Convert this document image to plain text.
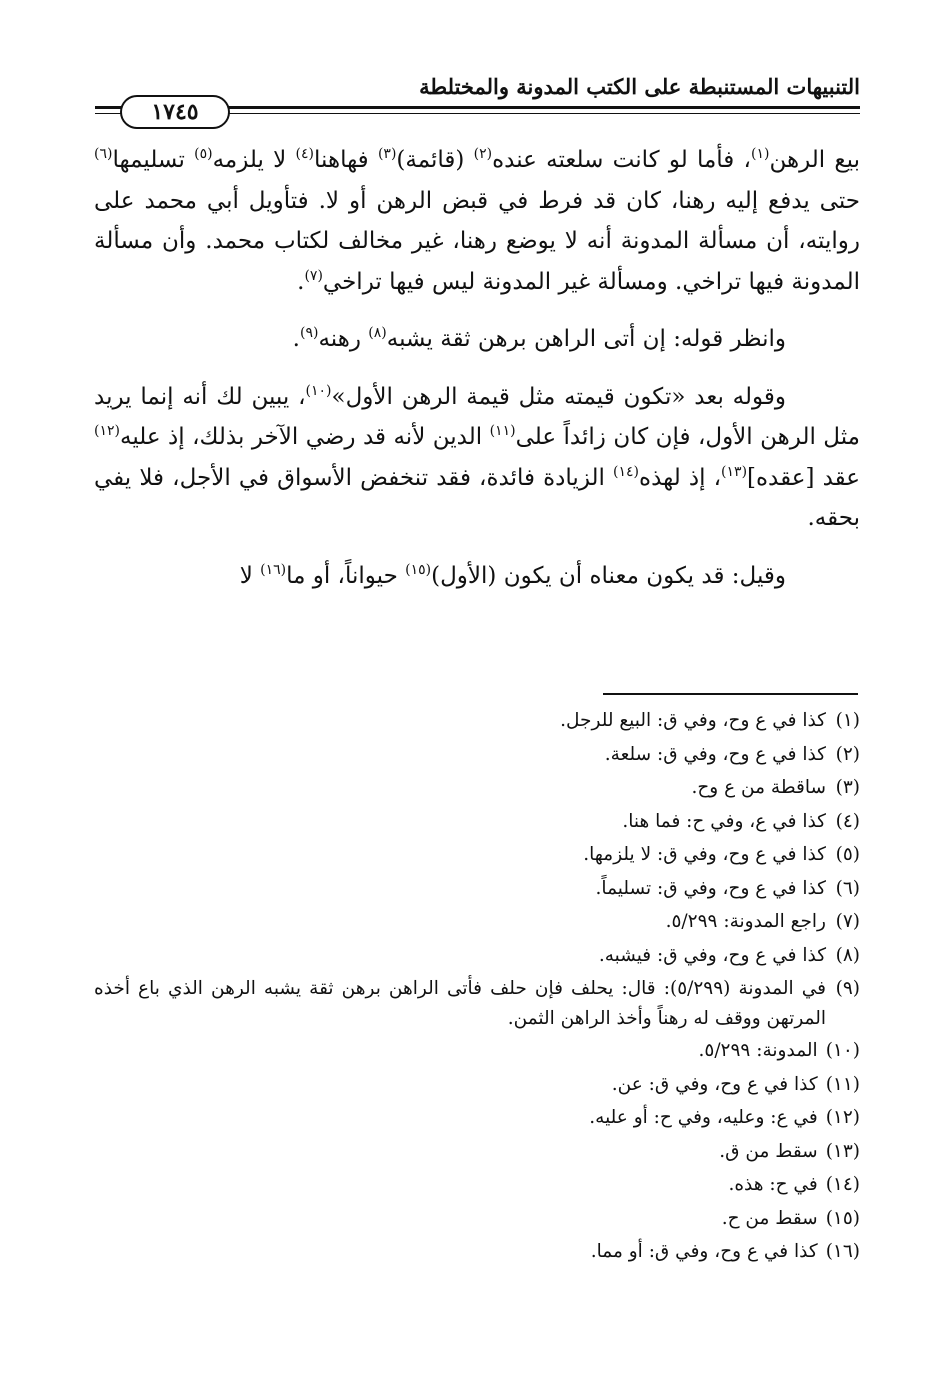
التنبيهات المستنبطة على الكتب المدونة والمختلطة
١٧٤٥

بيع الرهن$^{(١)}$، فأما لو كانت سلعته عنده$^{(٢)}$ (قائمة)$^{(٣)}$ فهاهنا$^{(٤)}$ لا يلزمه$^{(٥)}$ تسليمها$^{(٦)}$ حتى يدفع إليه رهنا، كان قد فرط في قبض الرهن أو لا. فتأويل أبي محمد على روايته، أن مسألة المدونة أنه لا يوضع رهنا، غير مخالف لكتاب محمد. وأن مسألة المدونة فيها تراخي. ومسألة غير المدونة ليس فيها تراخي$^{(٧)}$.

وانظر قوله: إن أتى الراهن برهن ثقة يشبه$^{(٨)}$ رهنه$^{(٩)}$.

وقوله بعد «تكون قيمته مثل قيمة الرهن الأول»$^{(١٠)}$، يبين لك أنه إنما يريد مثل الرهن الأول، فإن كان زائداً على$^{(١١)}$ الدين لأنه قد رضي الآخر بذلك، إذ عليه$^{(١٢)}$ عقد [عقده]$^{(١٣)}$، إذ لهذه$^{(١٤)}$ الزيادة فائدة، فقد تنخفض الأسواق في الأجل، فلا يفي بحقه.

وقيل: قد يكون معناه أن يكون (الأول)$^{(١٥)}$ حيواناً، أو ما$^{(١٦)}$ لا

(١)
كذا في ع وح، وفي ق: البيع للرجل.
(٢)
كذا في ع وح، وفي ق: سلعة.
(٣)
ساقطة من ع وح.
(٤)
كذا في ع، وفي ح: فما هنا.
(٥)
كذا في ع وح، وفي ق: لا يلزمها.
(٦)
كذا في ع وح، وفي ق: تسليماً.
(٧)
راجع المدونة: ٥/٢٩٩.
(٨)
كذا في ع وح، وفي ق: فيشبه.
(٩)
في المدونة (٥/٢٩٩): قال: يحلف فإن حلف فأتى الراهن برهن ثقة يشبه الرهن الذي باع أخذه المرتهن ووقف له رهناً وأخذ الراهن الثمن.
(١٠)
المدونة: ٥/٢٩٩.
(١١)
كذا في ع وح، وفي ق: عن.
(١٢)
في ع: وعليه، وفي ح: أو عليه.
(١٣)
سقط من ق.
(١٤)
في ح: هذه.
(١٥)
سقط من ح.
(١٦)
كذا في ع وح، وفي ق: أو مما.
